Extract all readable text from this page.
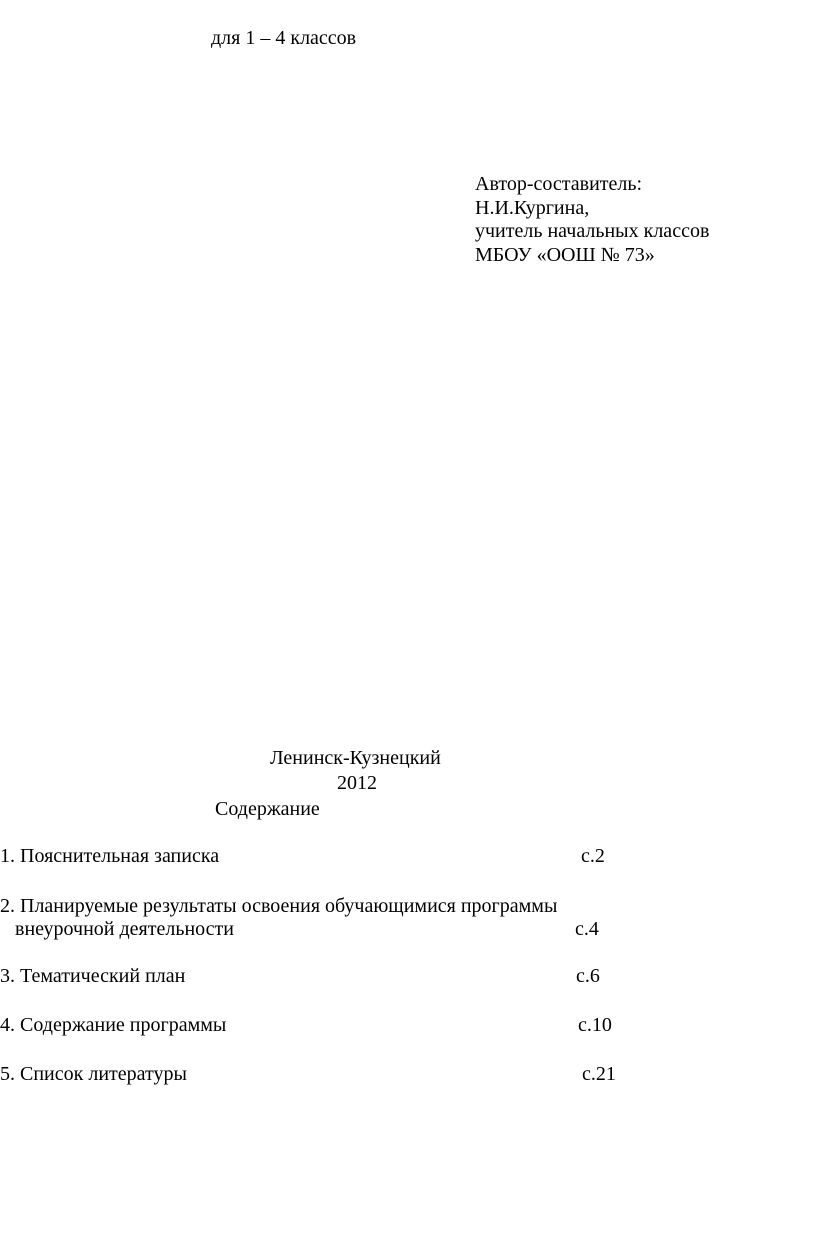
для 1 – 4 классов
Автор-составитель:
Н.И.Кургина,
учитель начальных классов
МБОУ «ООШ № 73»
Ленинск-Кузнецкий
2012
Содержание
1. Пояснительная записка	с.2
2. Планируемые результаты освоения обучающимися программы
внеурочной деятельности	с.4
3. Тематический план	с.6
4. Содержание программы	с.10
5. Список литературы	с.21
